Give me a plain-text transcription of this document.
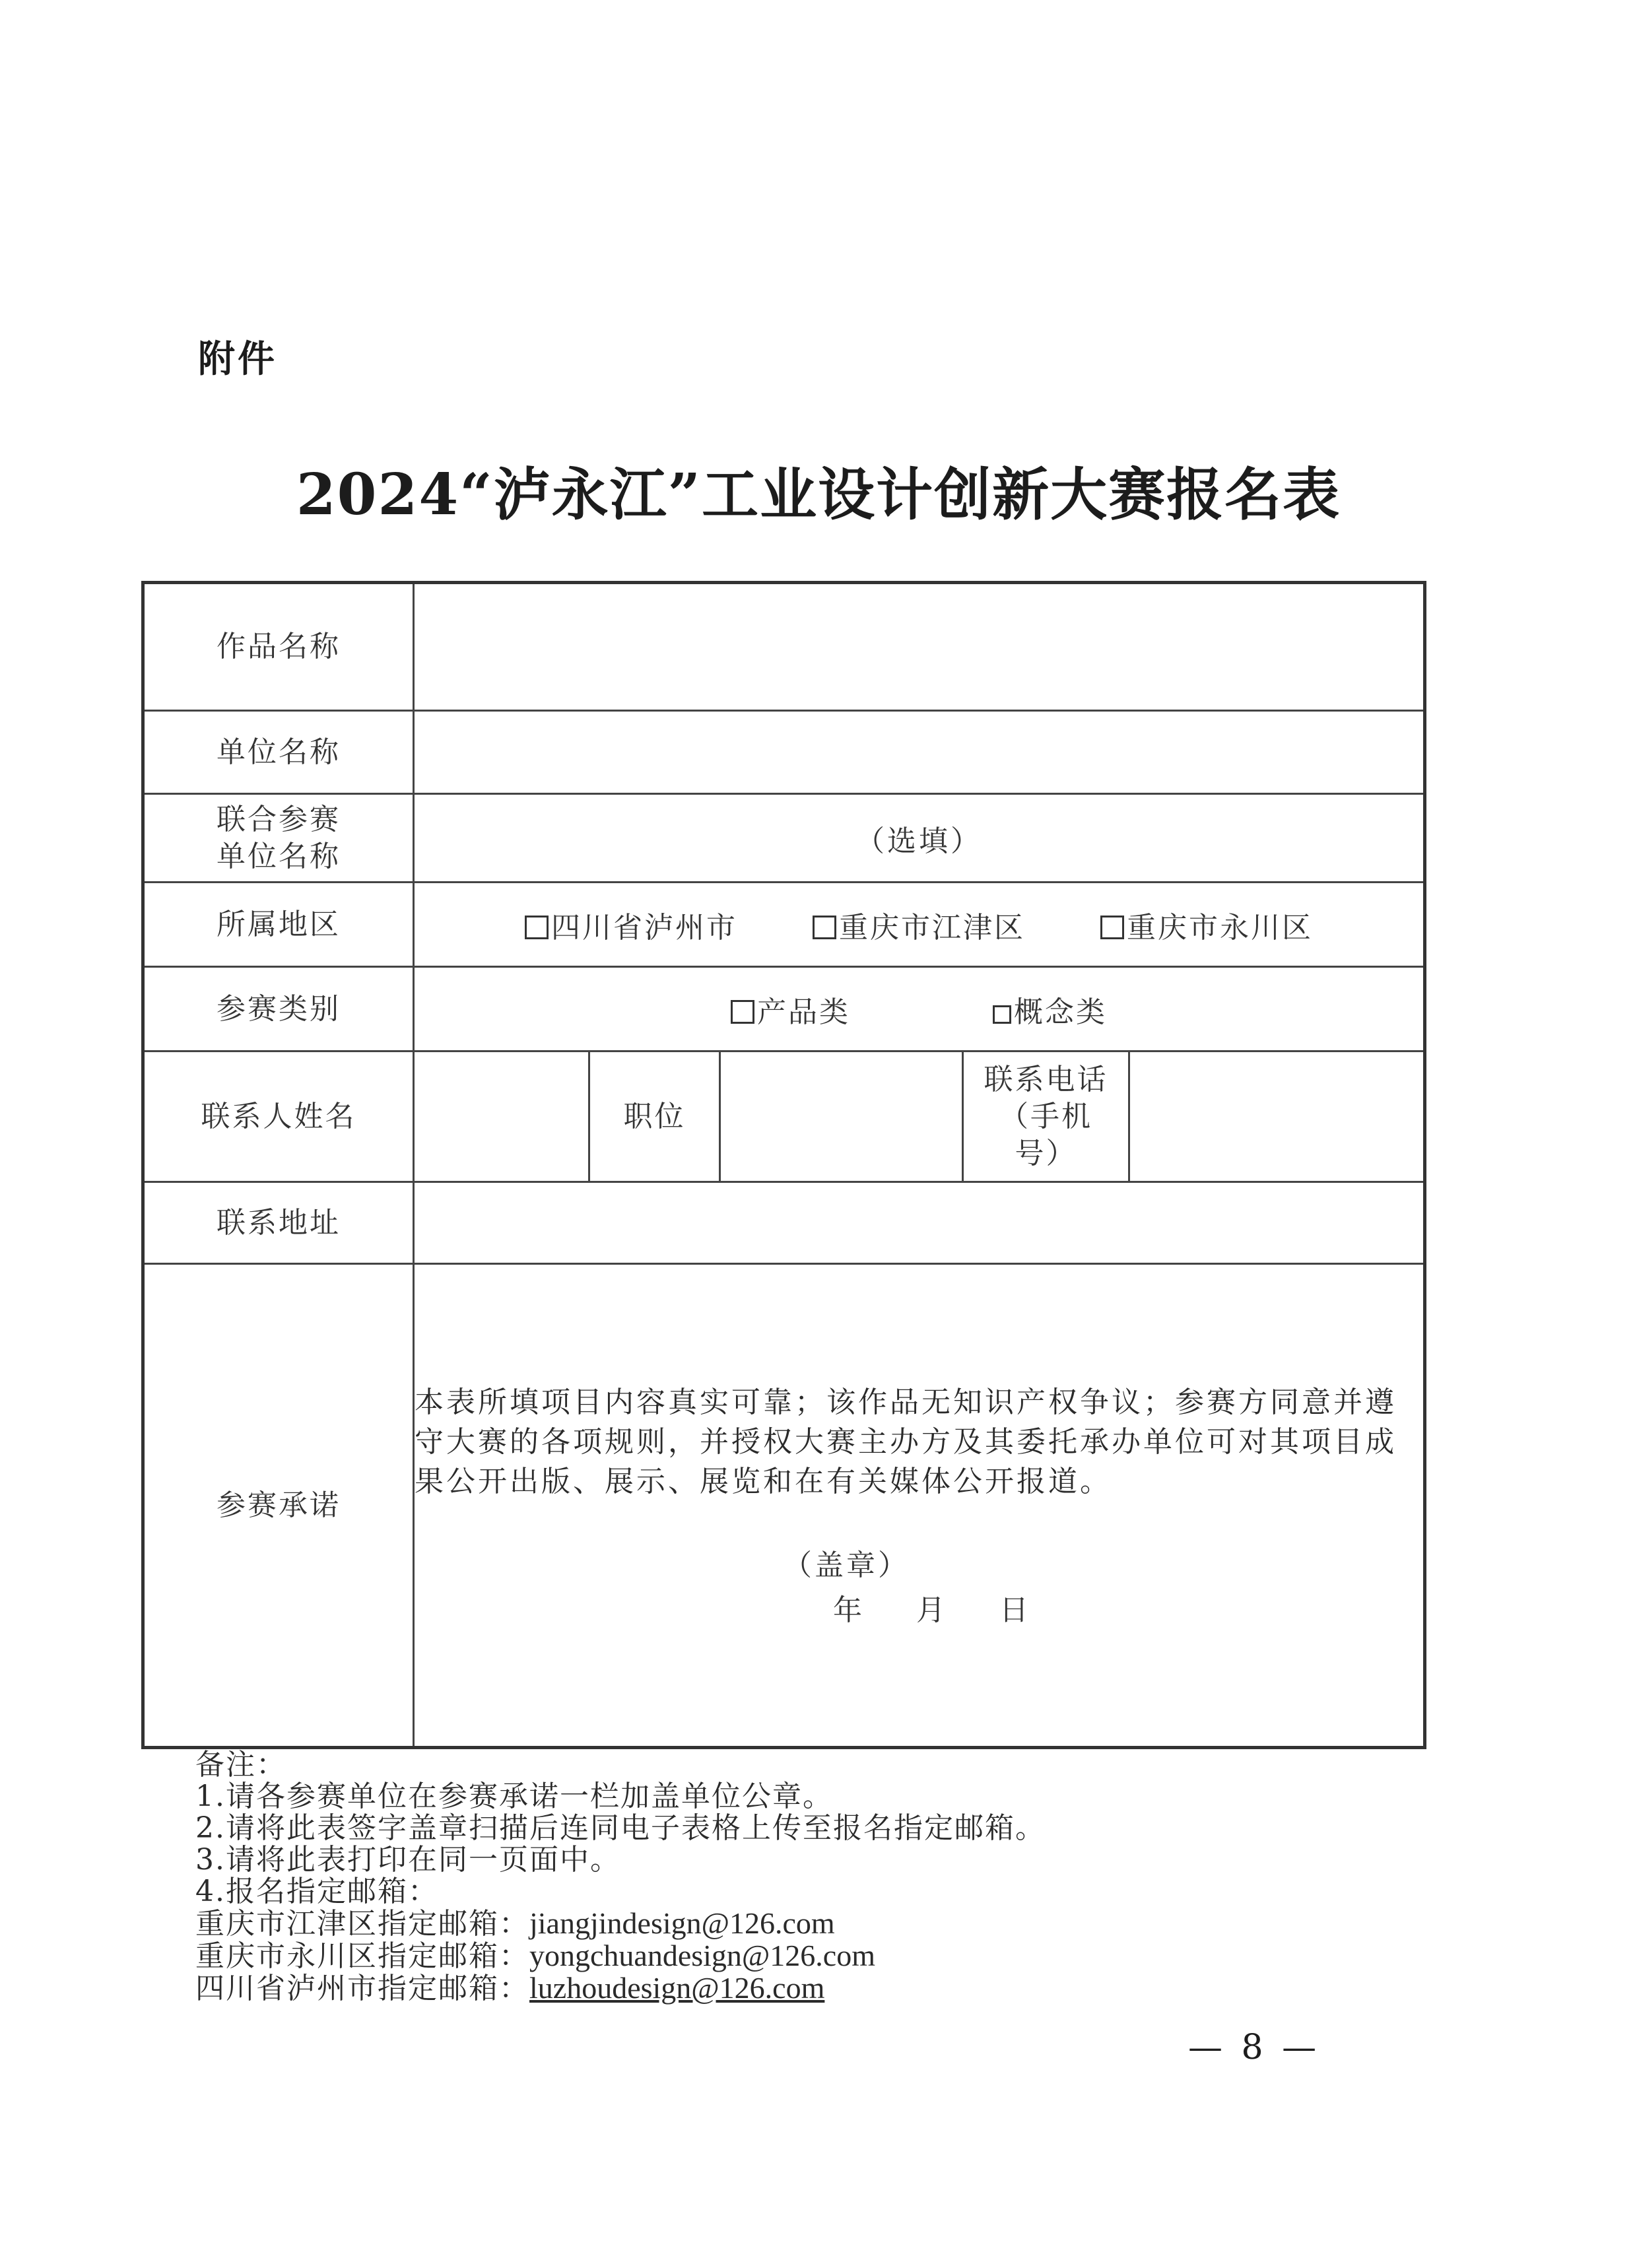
附件
2024“泸永江”工业设计创新大赛报名表
作品名称					
单位名称					

联合参赛
单位名称	（选填）				
所属地区	四川省泸州市 重庆市江津区 重庆市永川区				
参赛类别	产品类 概念类				
联系人姓名		职位		联系电话
（手机
号）	

联系地址					
参赛承诺	本表所填项目内容真实可靠；该作品无知识产权争议；参赛方同意并遵守大赛的各项规则，并授权大赛主办方及其委托承办单位可对其项目成果公开出版、展示、展览和在有关媒体公开报道。
（盖章）
年 月 日				
备注：
1.请各参赛单位在参赛承诺一栏加盖单位公章。
2.请将此表签字盖章扫描后连同电子表格上传至报名指定邮箱。
3.请将此表打印在同一页面中。
4.报名指定邮箱：
重庆市江津区指定邮箱：jiangjindesign@126.com
重庆市永川区指定邮箱：yongchuandesign@126.com
四川省泸州市指定邮箱：luzhoudesign@126.com
— 8 —
